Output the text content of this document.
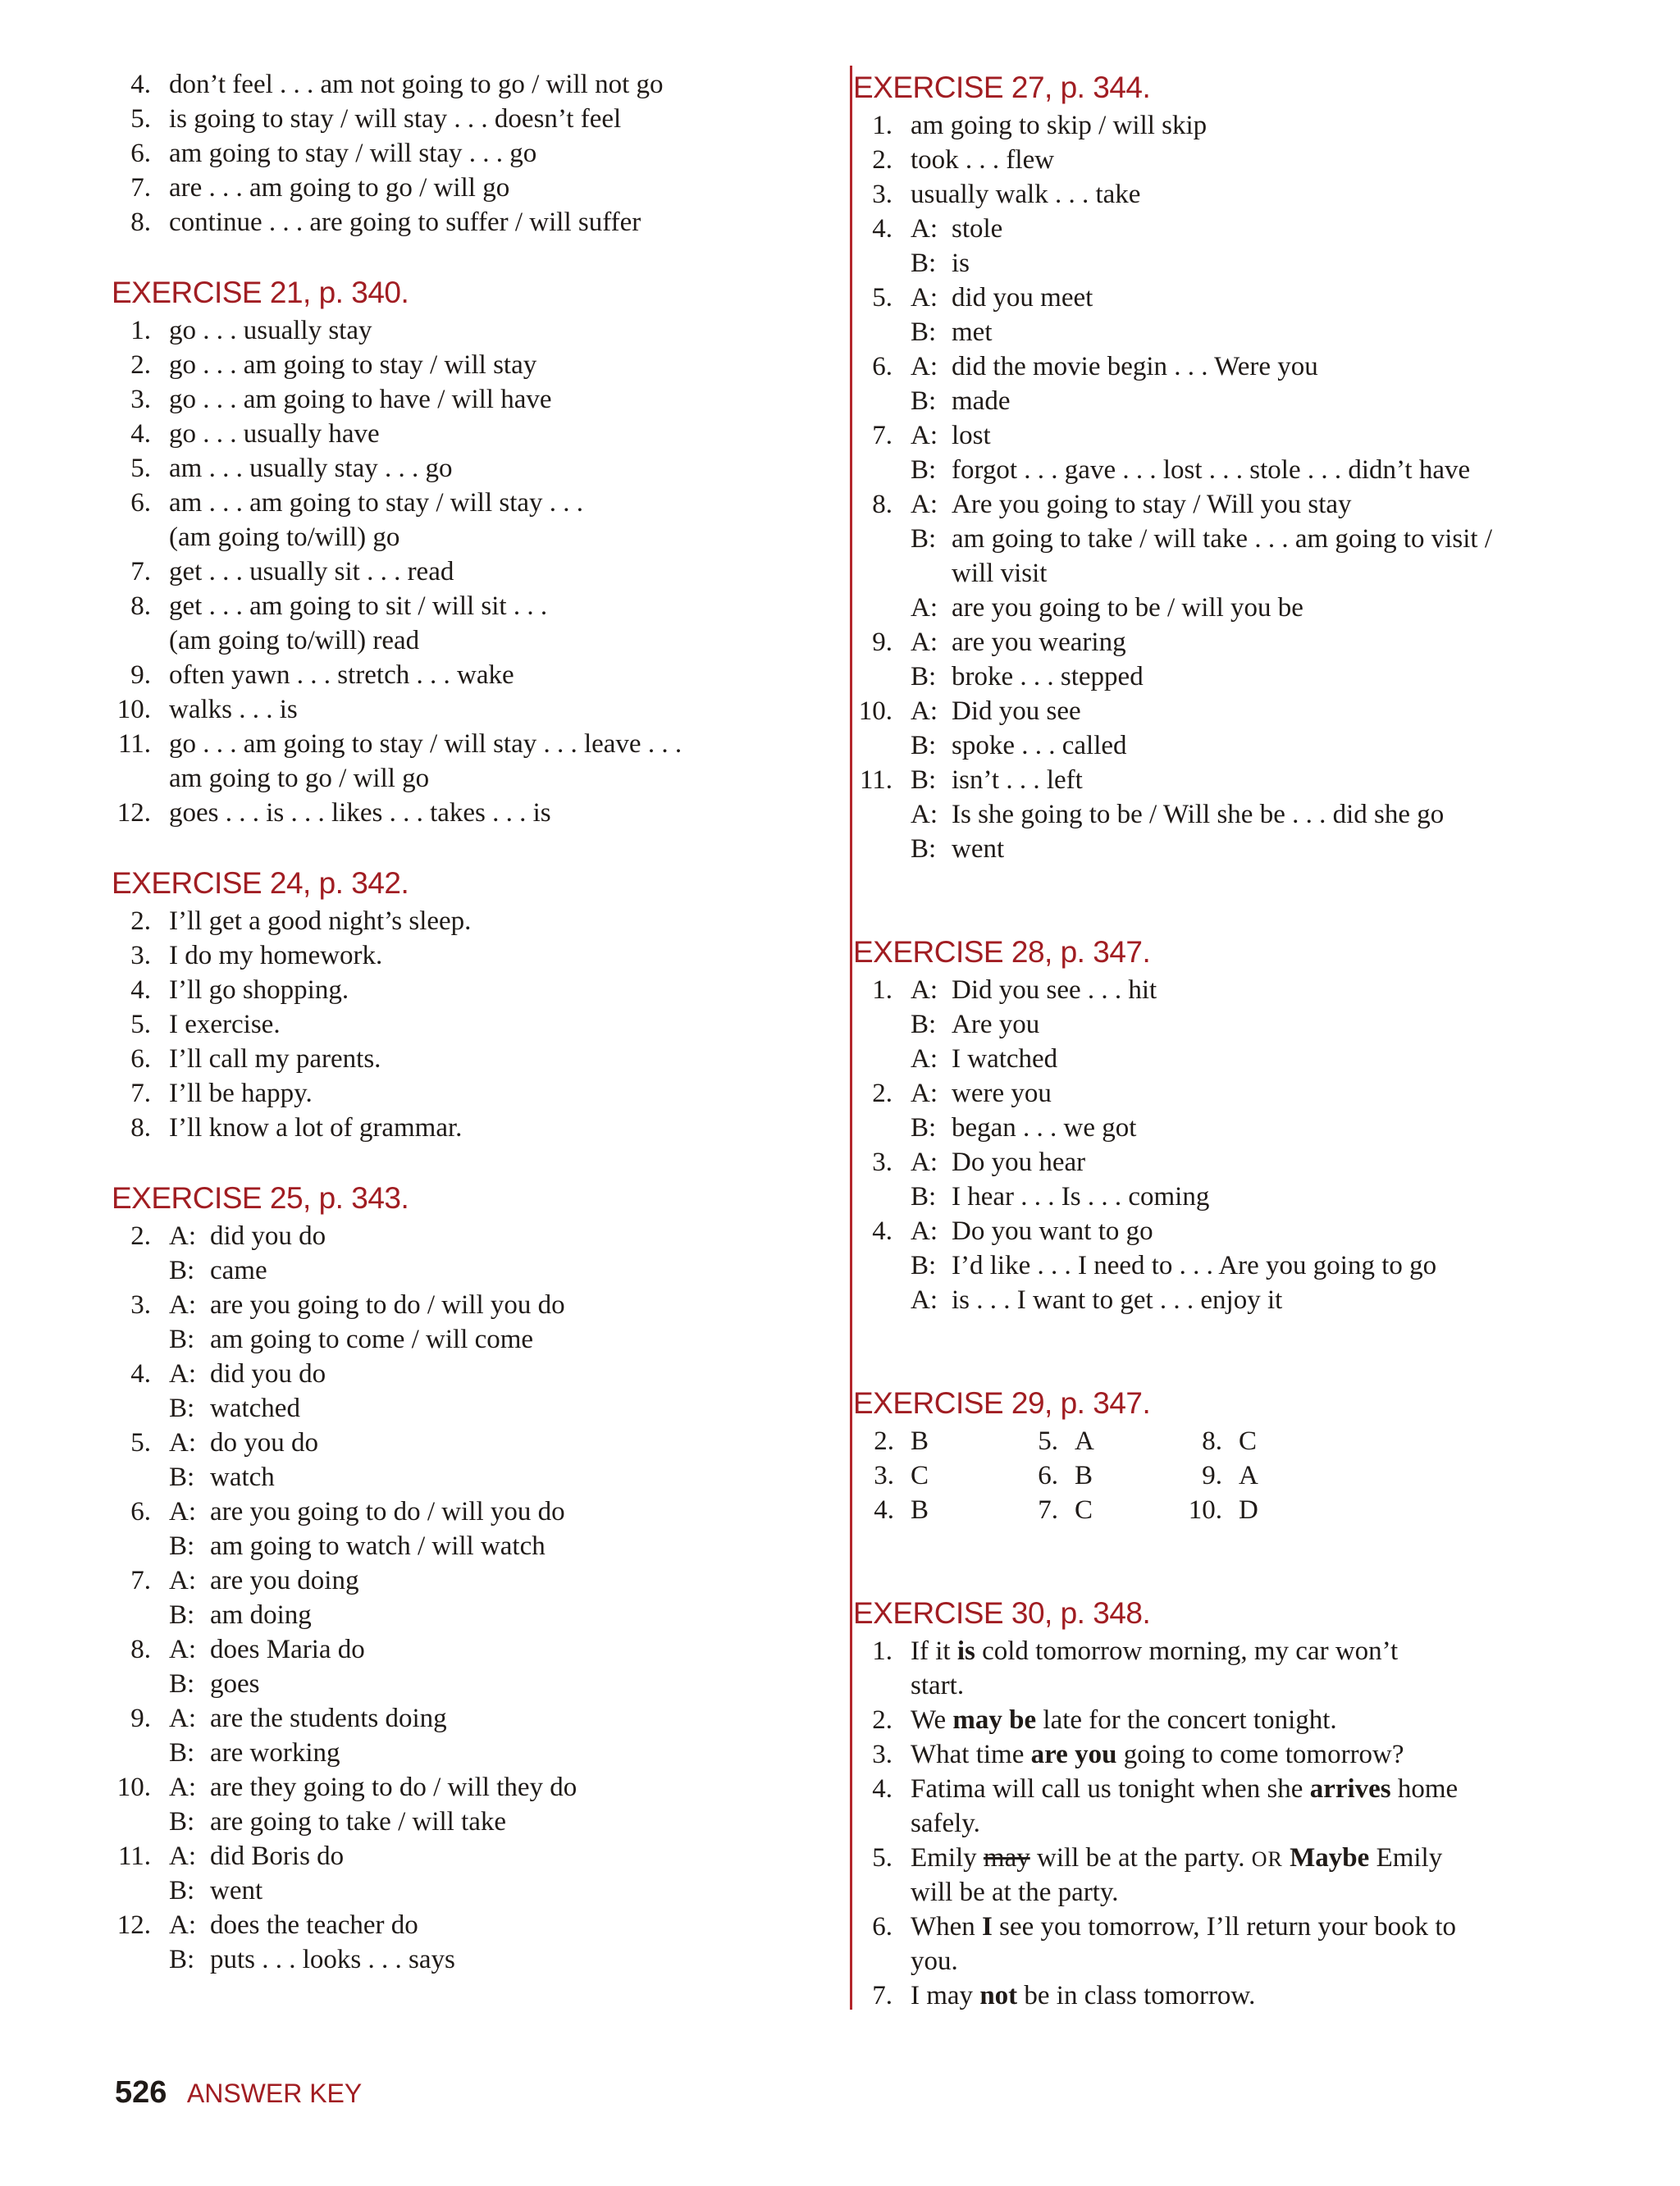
4. don’t feel . . . am not going to go / will not go
5. is going to stay / will stay . . . doesn’t feel
6. am going to stay / will stay . . . go
7. are . . . am going to go / will go
8. continue . . . are going to suffer / will suffer
EXERCISE 21, p. 340.
1. go . . . usually stay
2. go . . . am going to stay / will stay
3. go . . . am going to have / will have
4. go . . . usually have
5. am . . . usually stay . . . go
6. am . . . am going to stay / will stay . . .
(am going to/will) go
7. get . . . usually sit . . . read
8. get . . . am going to sit / will sit . . .
(am going to/will) read
9. often yawn . . . stretch . . . wake
10. walks . . . is
11. go . . . am going to stay / will stay . . . leave . . .
am going to go / will go
12. goes . . . is . . . likes . . . takes . . . is
EXERCISE 24, p. 342.
2. I’ll get a good night’s sleep.
3. I do my homework.
4. I’ll go shopping.
5. I exercise.
6. I’ll call my parents.
7. I’ll be happy.
8. I’ll know a lot of grammar.
EXERCISE 25, p. 343.
2. A: did you do
B: came
3. A: are you going to do / will you do
B: am going to come / will come
4. A: did you do
B: watched
5. A: do you do
B: watch
6. A: are you going to do / will you do
B: am going to watch / will watch
7. A: are you doing
B: am doing
8. A: does Maria do
B: goes
9. A: are the students doing
B: are working
10. A: are they going to do / will they do
B: are going to take / will take
11. A: did Boris do
B: went
12. A: does the teacher do
B: puts . . . looks . . . says
EXERCISE 27, p. 344.
1. am going to skip / will skip
2. took . . . flew
3. usually walk . . . take
4. A: stole
B: is
5. A: did you meet
B: met
6. A: did the movie begin . . . Were you
B: made
7. A: lost
B: forgot . . . gave . . . lost . . . stole . . . didn’t have
8. A: Are you going to stay / Will you stay
B: am going to take / will take . . . am going to visit /
will visit
A: are you going to be / will you be
9. A: are you wearing
B: broke . . . stepped
10. A: Did you see
B: spoke . . . called
11. B: isn’t . . . left
A: Is she going to be / Will she be . . . did she go
B: went
EXERCISE 28, p. 347.
1. A: Did you see . . . hit
B: Are you
A: I watched
2. A: were you
B: began . . . we got
3. A: Do you hear
B: I hear . . . Is . . . coming
4. A: Do you want to go
B: I’d like . . . I need to . . . Are you going to go
A: is . . . I want to get . . . enjoy it
EXERCISE 29, p. 347.
2. B	5. A	8. C
3. C	6. B	9. A
4. B	7. C	10. D
EXERCISE 30, p. 348.
1. If it is cold tomorrow morning, my car won’t
start.
2. We may be late for the concert tonight.
3. What time are you going to come tomorrow?
4. Fatima will call us tonight when she arrives home
safely.
5. Emily may will be at the party. OR Maybe Emily
will be at the party.
6. When I see you tomorrow, I’ll return your book to
you.
7. I may not be in class tomorrow.
526 ANSWER KEY
